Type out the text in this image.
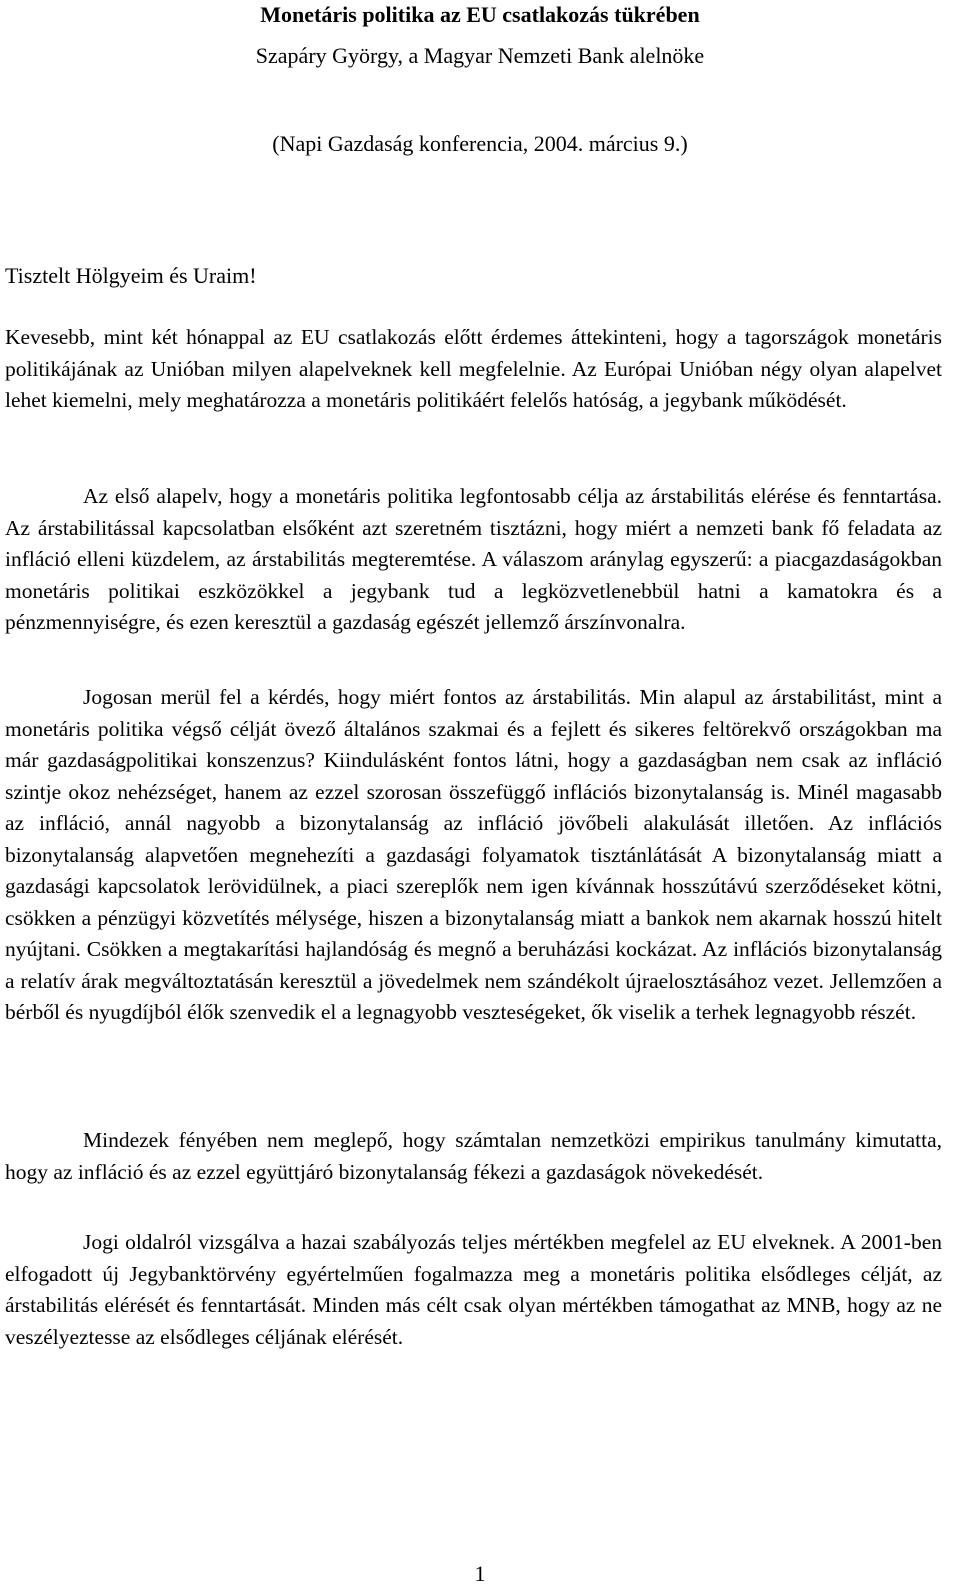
Monetáris politika az EU csatlakozás tükrében
Szapáry György, a Magyar Nemzeti Bank alelnöke
(Napi Gazdaság konferencia, 2004. március 9.)
Tisztelt Hölgyeim és Uraim!

Kevesebb, mint két hónappal az EU csatlakozás előtt érdemes áttekinteni, hogy a tagországok monetáris politikájának az Unióban milyen alapelveknek kell megfelelnie. Az Európai Unióban négy olyan alapelvet lehet kiemelni, mely meghatározza a monetáris politikáért felelős hatóság, a jegybank működését.

Az első alapelv, hogy a monetáris politika legfontosabb célja az árstabilitás elérése és fenntartása. Az árstabilitással kapcsolatban elsőként azt szeretném tisztázni, hogy miért a nemzeti bank fő feladata az infláció elleni küzdelem, az árstabilitás megteremtése. A válaszom aránylag egyszerű: a piacgazdaságokban monetáris politikai eszközökkel a jegybank tud a legközvetlenebbül hatni a kamatokra és a pénzmennyiségre, és ezen keresztül a gazdaság egészét jellemző árszínvonalra.

Jogosan merül fel a kérdés, hogy miért fontos az árstabilitás. Min alapul az árstabilitást, mint a monetáris politika végső célját övező általános szakmai és a fejlett és sikeres feltörekvő országokban ma már gazdaságpolitikai konszenzus? Kiindulásként fontos látni, hogy a gazdaságban nem csak az infláció szintje okoz nehézséget, hanem az ezzel szorosan összefüggő inflációs bizonytalanság is. Minél magasabb az infláció, annál nagyobb a bizonytalanság az infláció jövőbeli alakulását illetően. Az inflációs bizonytalanság alapvetően megnehezíti a gazdasági folyamatok tisztánlátását A bizonytalanság miatt a gazdasági kapcsolatok lerövidülnek, a piaci szereplők nem igen kívánnak hosszútávú szerződéseket kötni, csökken a pénzügyi közvetítés mélysége, hiszen a bizonytalanság miatt a bankok nem akarnak hosszú hitelt nyújtani. Csökken a megtakarítási hajlandóság és megnő a beruházási kockázat. Az inflációs bizonytalanság a relatív árak megváltoztatásán keresztül a jövedelmek nem szándékolt újraelosztásához vezet. Jellemzően a bérből és nyugdíjból élők szenvedik el a legnagyobb veszteségeket, ők viselik a terhek legnagyobb részét.

Mindezek fényében nem meglepő, hogy számtalan nemzetközi empirikus tanulmány kimutatta, hogy az infláció és az ezzel együttjáró bizonytalanság fékezi a gazdaságok növekedését.

Jogi oldalról vizsgálva a hazai szabályozás teljes mértékben megfelel az EU elveknek. A 2001-ben elfogadott új Jegybanktörvény egyértelműen fogalmazza meg a monetáris politika elsődleges célját, az árstabilitás elérését és fenntartását. Minden más célt csak olyan mértékben támogathat az MNB, hogy az ne veszélyeztesse az elsődleges céljának elérését.

1
